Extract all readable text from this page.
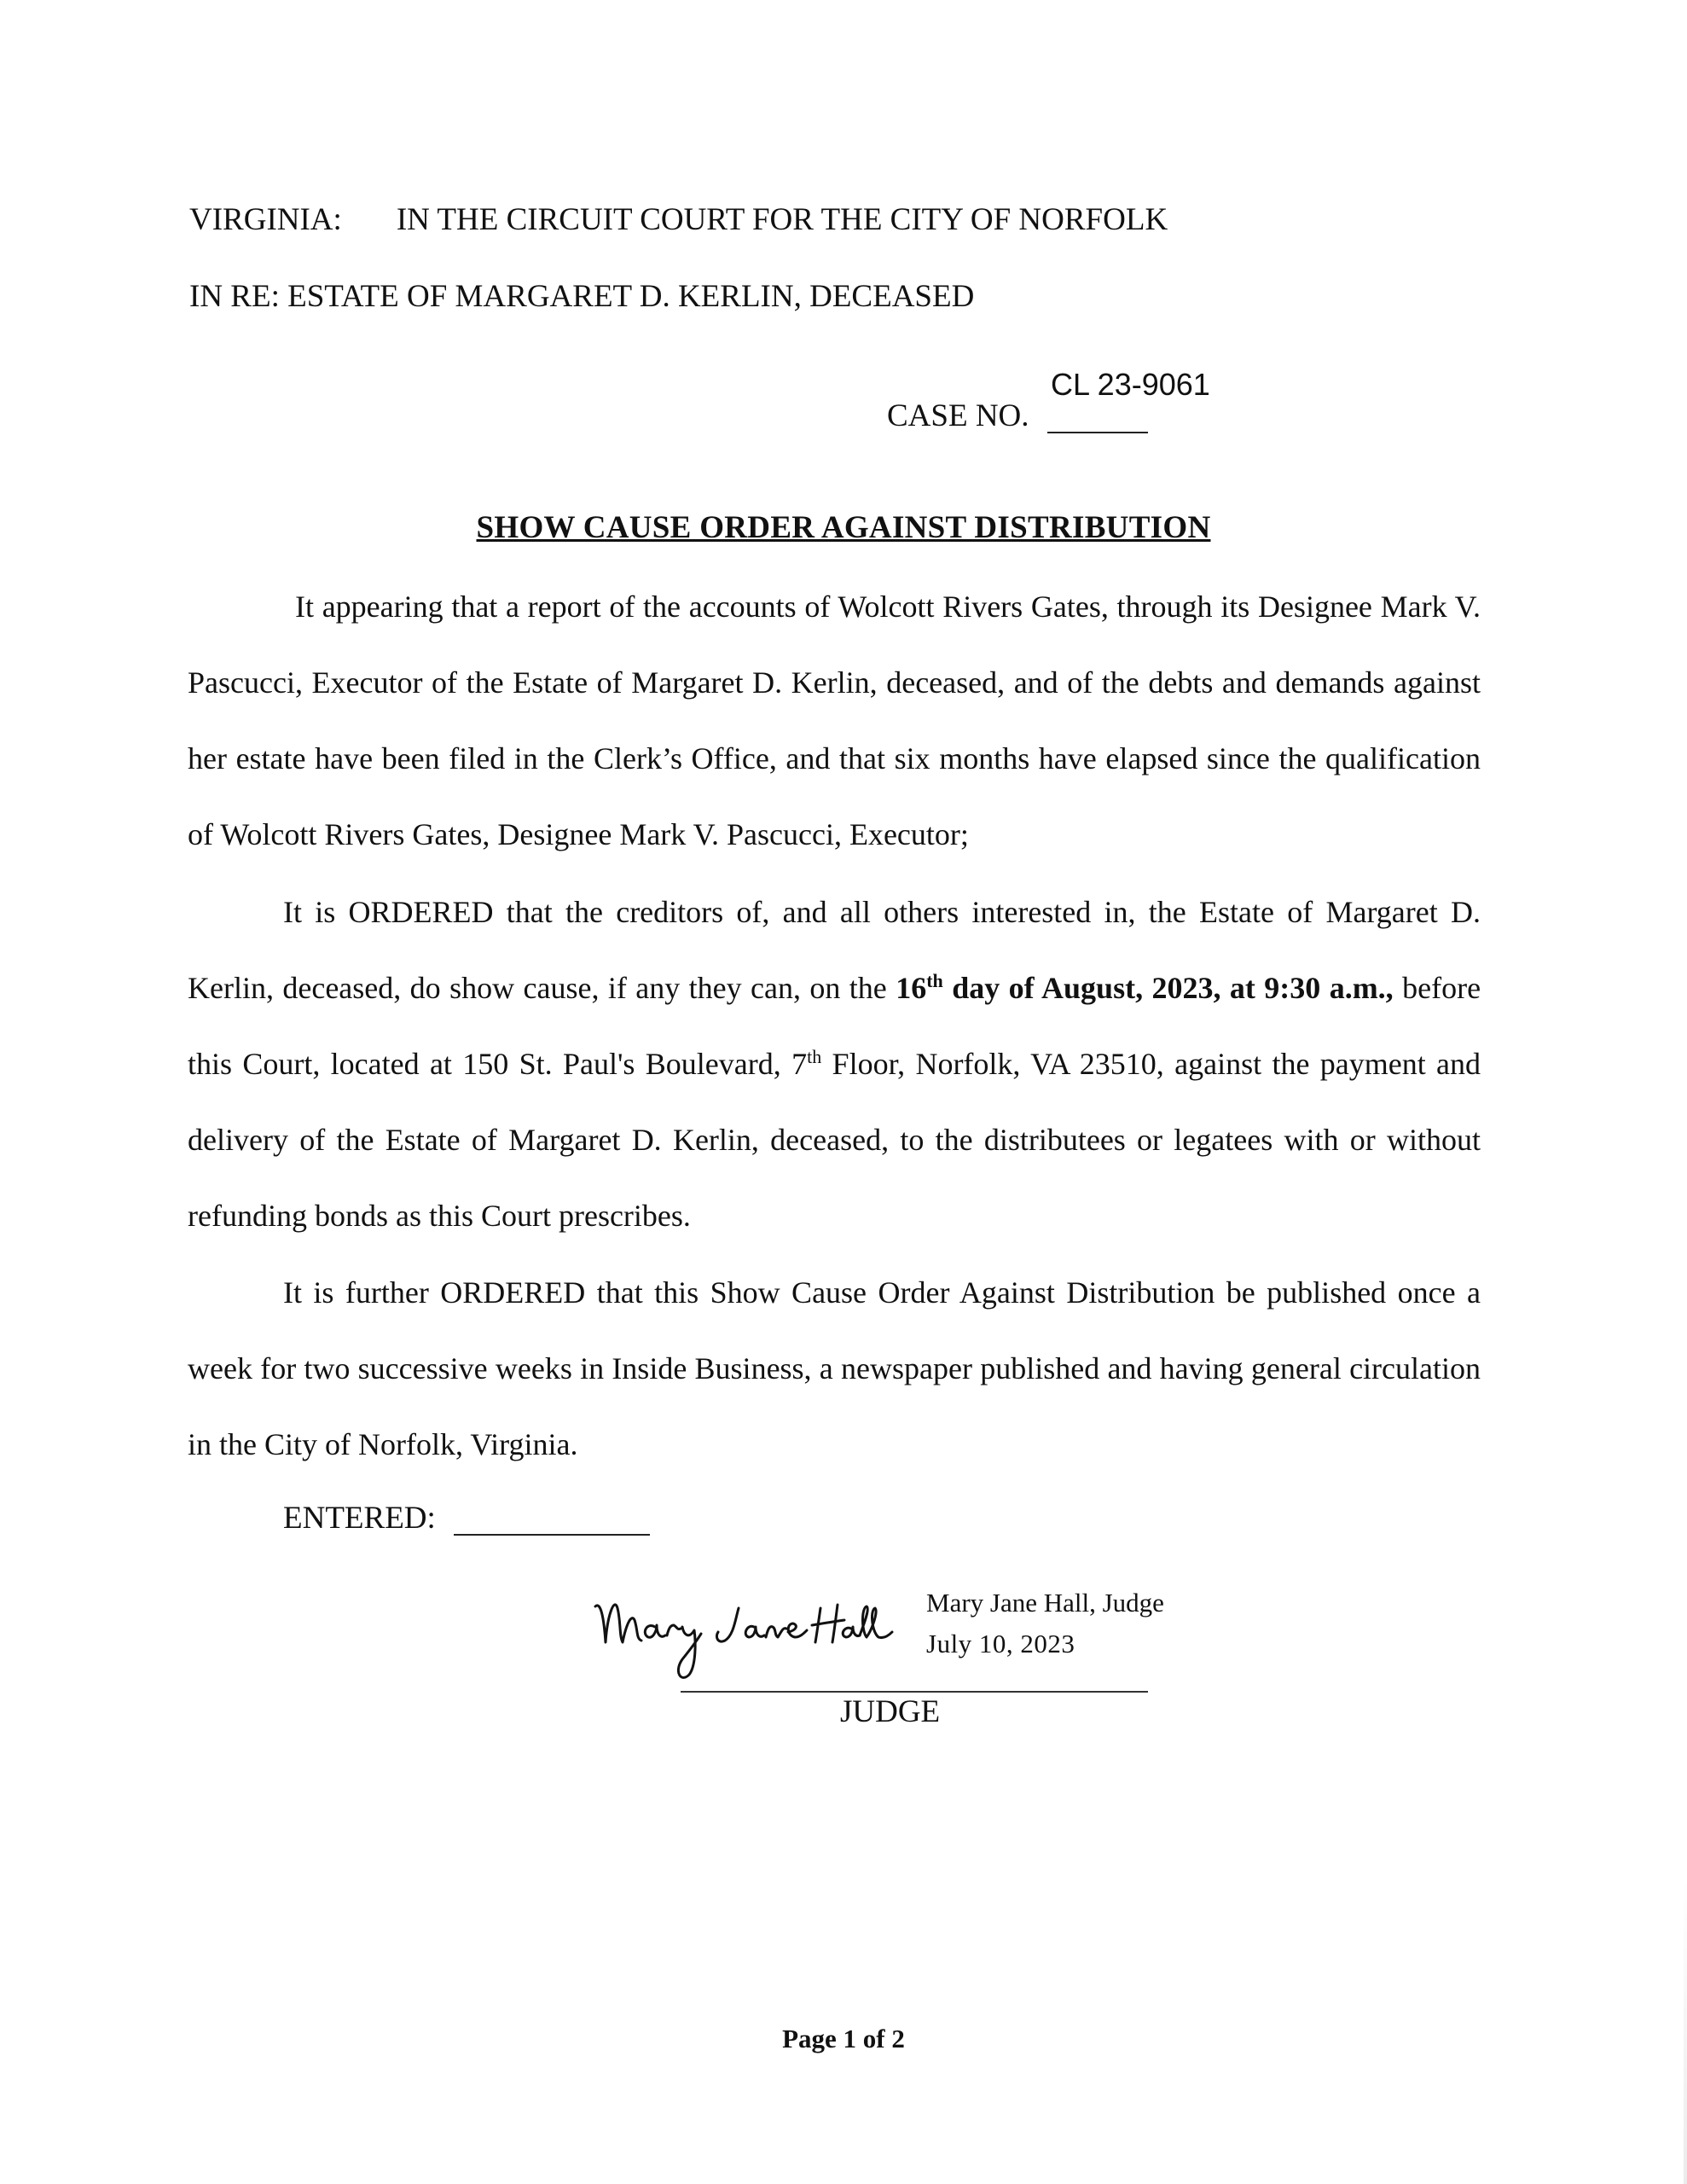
VIRGINIA: IN THE CIRCUIT COURT FOR THE CITY OF NORFOLK
IN RE: ESTATE OF MARGARET D. KERLIN, DECEASED
CASE NO.
CL 23-9061
SHOW CAUSE ORDER AGAINST DISTRIBUTION
It appearing that a report of the accounts of Wolcott Rivers Gates, through its Designee Mark V. Pascucci, Executor of the Estate of Margaret D. Kerlin, deceased, and of the debts and demands against her estate have been filed in the Clerk’s Office, and that six months have elapsed since the qualification of Wolcott Rivers Gates, Designee Mark V. Pascucci, Executor;
It is ORDERED that the creditors of, and all others interested in, the Estate of Margaret D. Kerlin, deceased, do show cause, if any they can, on the 16th day of August, 2023, at 9:30 a.m., before this Court, located at 150 St. Paul's Boulevard, 7th Floor, Norfolk, VA 23510, against the payment and delivery of the Estate of Margaret D. Kerlin, deceased, to the distributees or legatees with or without refunding bonds as this Court prescribes.
It is further ORDERED that this Show Cause Order Against Distribution be published once a week for two successive weeks in Inside Business, a newspaper published and having general circulation in the City of Norfolk, Virginia.
ENTERED:
Mary Jane Hall, Judge
July 10, 2023
JUDGE
Page 1 of 2
